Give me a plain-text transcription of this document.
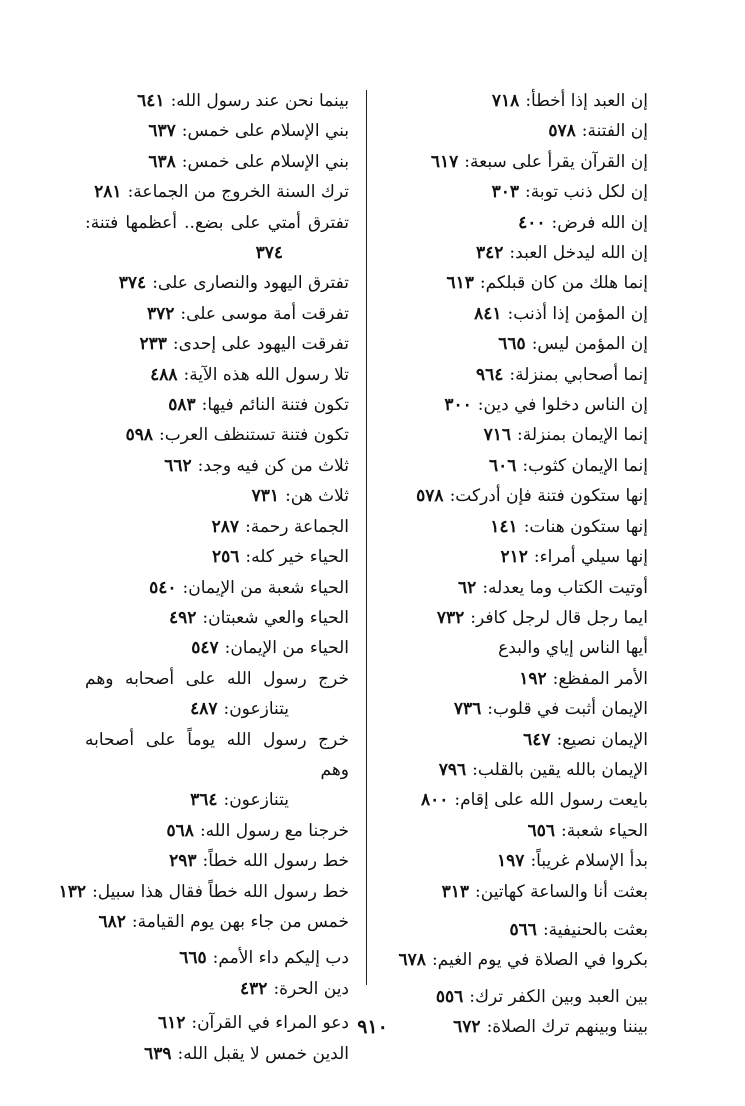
إن العبد إذا أخطأ:٧١٨
إن الفتنة:٥٧٨
إن القرآن يقرأ على سبعة:٦١٧
إن لكل ذنب توبة:٣٠٣
إن الله فرض:٤٠٠
إن الله ليدخل العبد:٣٤٢
إنما هلك من كان قبلكم:٦١٣
إن المؤمن إذا أذنب:٨٤١
إن المؤمن ليس:٦٦٥
إنما أصحابي بمنزلة:٩٦٤
إن الناس دخلوا في دين:٣٠٠
إنما الإيمان بمنزلة:٧١٦
إنما الإيمان كثوب:٦٠٦
إنها ستكون فتنة فإن أدركت:٥٧٨
إنها ستكون هنات:١٤١
إنها سيلي أمراء:٢١٢
أوتيت الكتاب وما يعدله:٦٢
ايما رجل قال لرجل كافر:٧٣٢
أيها الناس إياي والبدع
الأمر المفظع:١٩٢
الإيمان أثبت في قلوب:٧٣٦
الإيمان نصيع:٦٤٧
الإيمان بالله يقين بالقلب:٧٩٦
بايعت رسول الله على إقام:٨٠٠
الحياء شعبة:٦٥٦
بدأ الإسلام غريباً:١٩٧
بعثت أنا والساعة كهاتين:٣١٣
بعثت بالحنيفية:٥٦٦
بكروا في الصلاة في يوم الغيم:٦٧٨
بين العبد وبين الكفر ترك:٥٥٦
بيننا وبينهم ترك الصلاة:٦٧٢
بينما نحن عند رسول الله:٦٤١
بني الإسلام على خمس:٦٣٧
بني الإسلام على خمس:٦٣٨
ترك السنة الخروج من الجماعة:٢٨١
تفترق أمتي على بضع.. أعظمها فتنة:
٣٧٤
تفترق اليهود والنصارى على:٣٧٤
تفرقت أمة موسى على:٣٧٢
تفرقت اليهود على إحدى:٢٣٣
تلا رسول الله هذه الآية:٤٨٨
تكون فتنة النائم فيها:٥٨٣
تكون فتنة تستنظف العرب:٥٩٨
ثلاث من كن فيه وجد:٦٦٢
ثلاث هن:٧٣١
الجماعة رحمة:٢٨٧
الحياء خير كله:٢٥٦
الحياء شعبة من الإيمان:٥٤٠
الحياء والعي شعبتان:٤٩٢
الحياء من الإيمان:٥٤٧
خرج رسول الله على أصحابه وهم
يتنازعون:٤٨٧
خرج رسول الله يوماً على أصحابه وهم
يتنازعون:٣٦٤
خرجنا مع رسول الله:٥٦٨
خط رسول الله خطاً:٢٩٣
خط رسول الله خطاً فقال هذا سبيل:١٣٢
خمس من جاء بهن يوم القيامة:٦٨٢
دب إليكم داء الأمم:٦٦٥
دين الحرة:٤٣٢
دعو المراء في القرآن:٦١٢
الدين خمس لا يقبل الله:٦٣٩
٩١٠
